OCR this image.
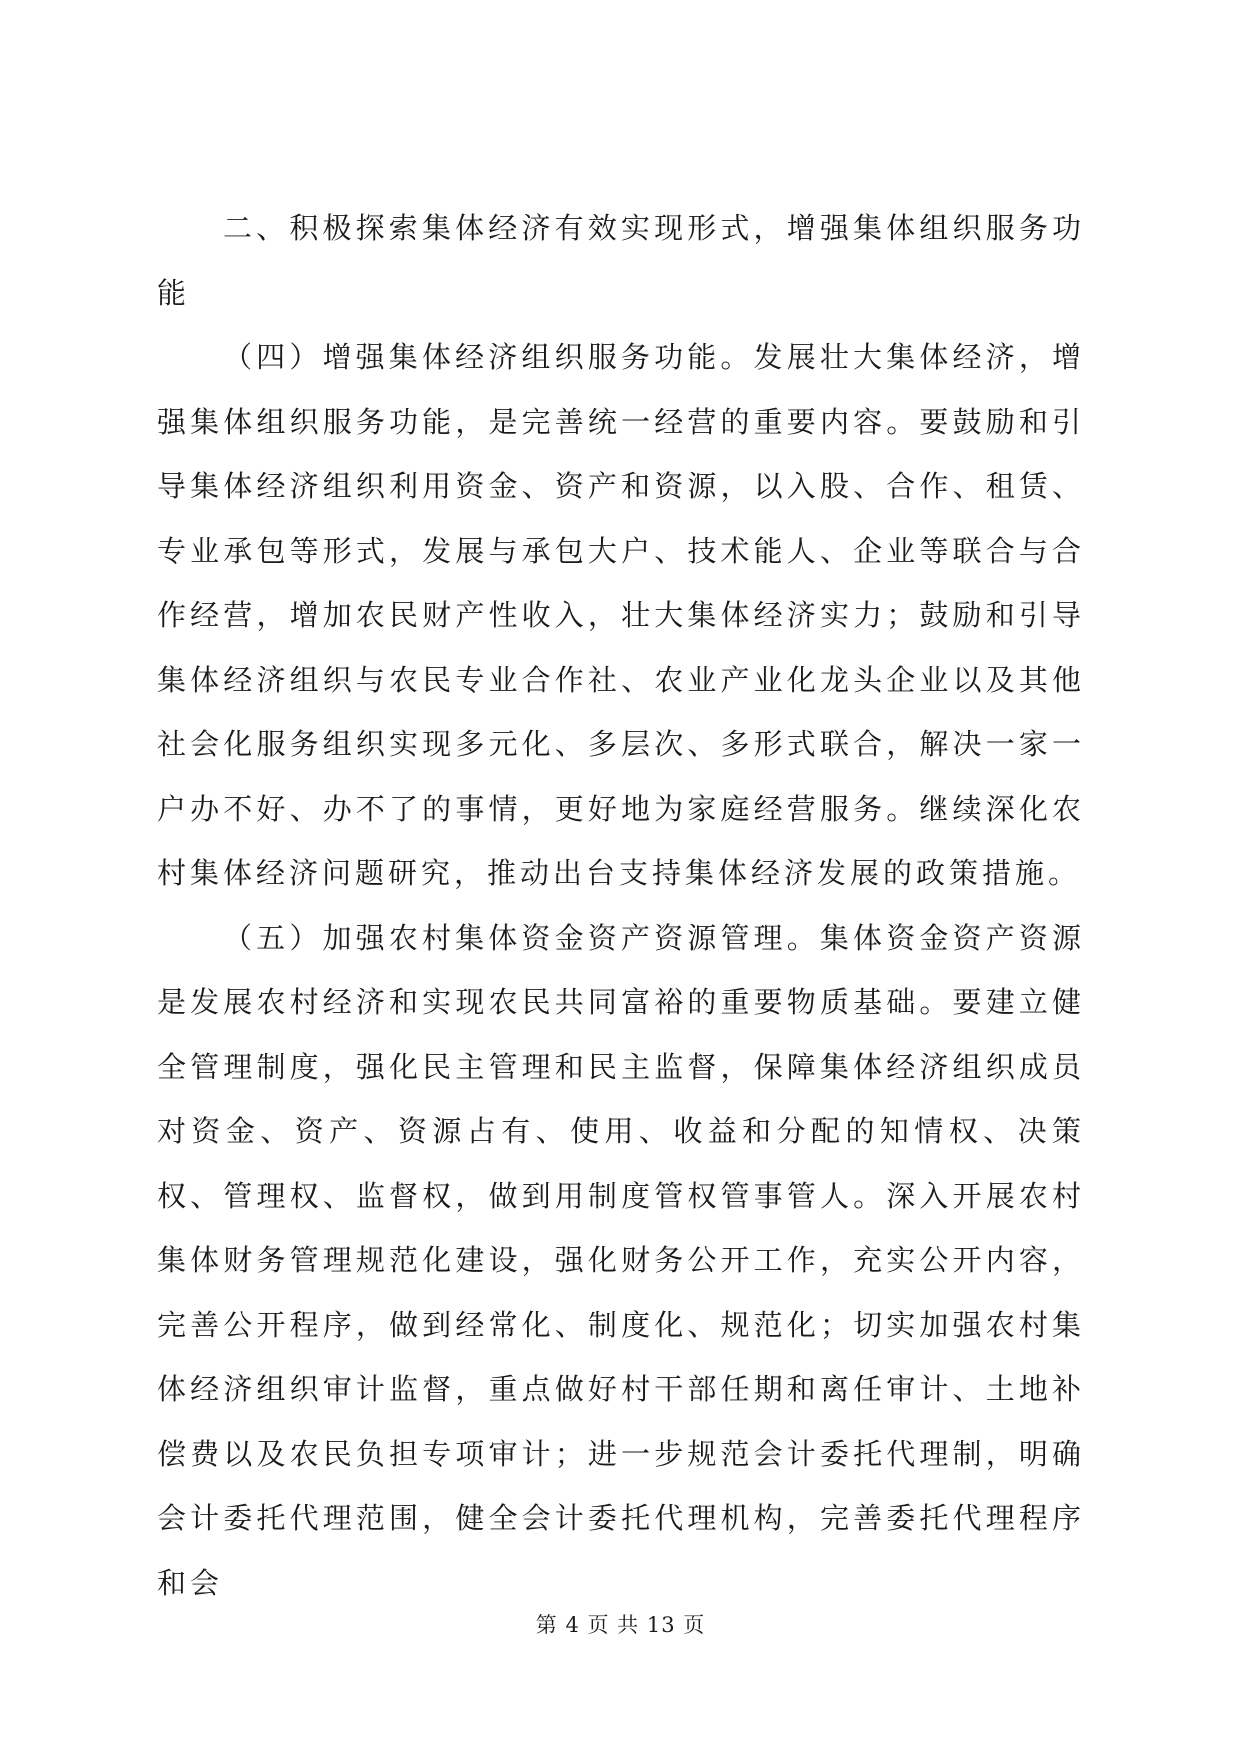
二、积极探索集体经济有效实现形式，增强集体组织服务功能

（四）增强集体经济组织服务功能。发展壮大集体经济，增强集体组织服务功能，是完善统一经营的重要内容。要鼓励和引导集体经济组织利用资金、资产和资源，以入股、合作、租赁、专业承包等形式，发展与承包大户、技术能人、企业等联合与合作经营，增加农民财产性收入，壮大集体经济实力；鼓励和引导集体经济组织与农民专业合作社、农业产业化龙头企业以及其他社会化服务组织实现多元化、多层次、多形式联合，解决一家一户办不好、办不了的事情，更好地为家庭经营服务。继续深化农村集体经济问题研究，推动出台支持集体经济发展的政策措施。

（五）加强农村集体资金资产资源管理。集体资金资产资源是发展农村经济和实现农民共同富裕的重要物质基础。要建立健全管理制度，强化民主管理和民主监督，保障集体经济组织成员对资金、资产、资源占有、使用、收益和分配的知情权、决策权、管理权、监督权，做到用制度管权管事管人。深入开展农村集体财务管理规范化建设，强化财务公开工作，充实公开内容，完善公开程序，做到经常化、制度化、规范化；切实加强农村集体经济组织审计监督，重点做好村干部任期和离任审计、土地补偿费以及农民负担专项审计；进一步规范会计委托代理制，明确会计委托代理范围，健全会计委托代理机构，完善委托代理程序和会

第 4 页 共 13 页
